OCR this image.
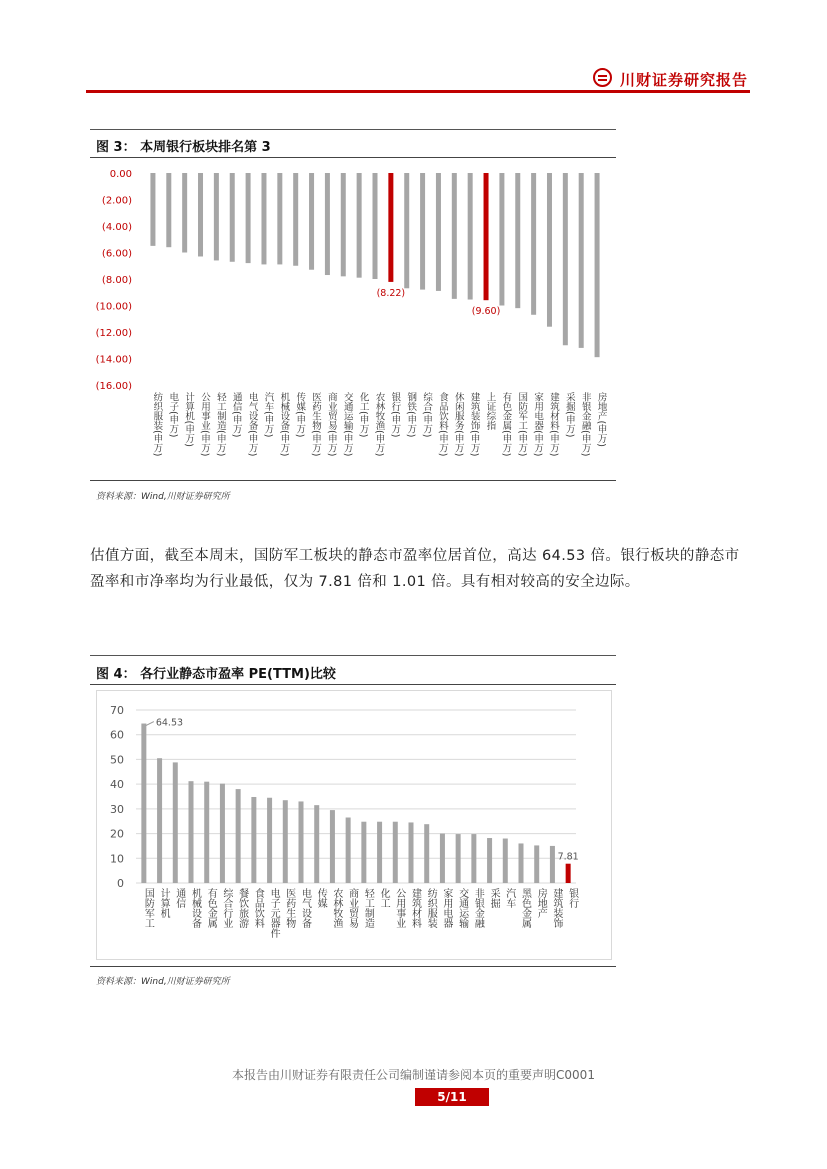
川财证券研究报告
图 3： 本周银行板块排名第 3
0.00
(2.00)
(4.00)
(6.00)
(8.00)
(10.00)
(12.00)
(14.00)
(16.00)
纺织服装(申万) 电子(申万) 计算机(申万) 公用事业(申万) 轻工制造(申万) 通信(申万) 电气设备(申万) 汽车(申万) 机械设备(申万) 传媒(申万) 医药生物(申万) 商业贸易(申万) 交通运输(申万) 化工(申万) 农林牧渔(申万)
(8.22)
银行(申万) 钢铁(申万) 综合(申万) 食品饮料(申万) 休闲服务(申万) 建筑装饰(申万)
(9.60)
上证综指 有色金属(申万) 国防军工(申万) 家用电器(申万) 建筑材料(申万) 采掘(申万) 非银金融(申万) 房地产(申万)
资料来源：Wind,川财证券研究所
估值方面，截至本周末，国防军工板块的静态市盈率位居首位，高达 64.53 倍。银行板块的静态市盈率和市净率均为行业最低，仅为 7.81 倍和 1.01 倍。具有相对较高的安全边际。
图 4： 各行业静态市盈率 PE(TTM)比较
0
10
20
30
40
50
60
70
国防军工 计算机 通信 机械设备 有色金属 综合行业 餐饮旅游 食品饮料 电子元器件 医药生物 电气设备 传媒 农林牧渔 商业贸易 轻工制造 化工 公用事业 建筑材料 纺织服装 家用电器 交通运输 非银金融 采掘 汽车 黑色金属 房地产 建筑装饰 银行
64.53
7.81
资料来源：Wind,川财证券研究所
本报告由川财证券有限责任公司编制谨请参阅本页的重要声明C0001
5/11
